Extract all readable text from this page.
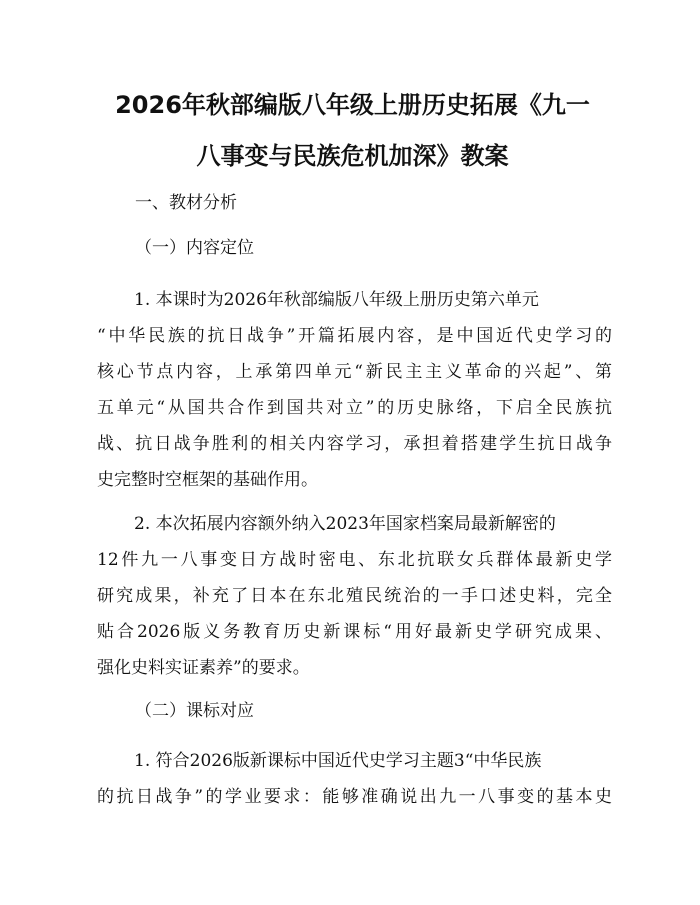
2026年秋部编版八年级上册历史拓展《九一
八事变与民族危机加深》教案
一、教材分析
（一）内容定位
1. 本课时为2026年秋部编版八年级上册历史第六单元
“中华民族的抗日战争”开篇拓展内容，是中国近代史学习的
核心节点内容，上承第四单元“新民主主义革命的兴起”、第
五单元“从国共合作到国共对立”的历史脉络，下启全民族抗
战、抗日战争胜利的相关内容学习，承担着搭建学生抗日战争
史完整时空框架的基础作用。
2. 本次拓展内容额外纳入2023年国家档案局最新解密的
12件九一八事变日方战时密电、东北抗联女兵群体最新史学
研究成果，补充了日本在东北殖民统治的一手口述史料，完全
贴合2026版义务教育历史新课标“用好最新史学研究成果、
强化史料实证素养”的要求。
（二）课标对应
1. 符合2026版新课标中国近代史学习主题3“中华民族
的抗日战争”的学业要求：能够准确说出九一八事变的基本史
